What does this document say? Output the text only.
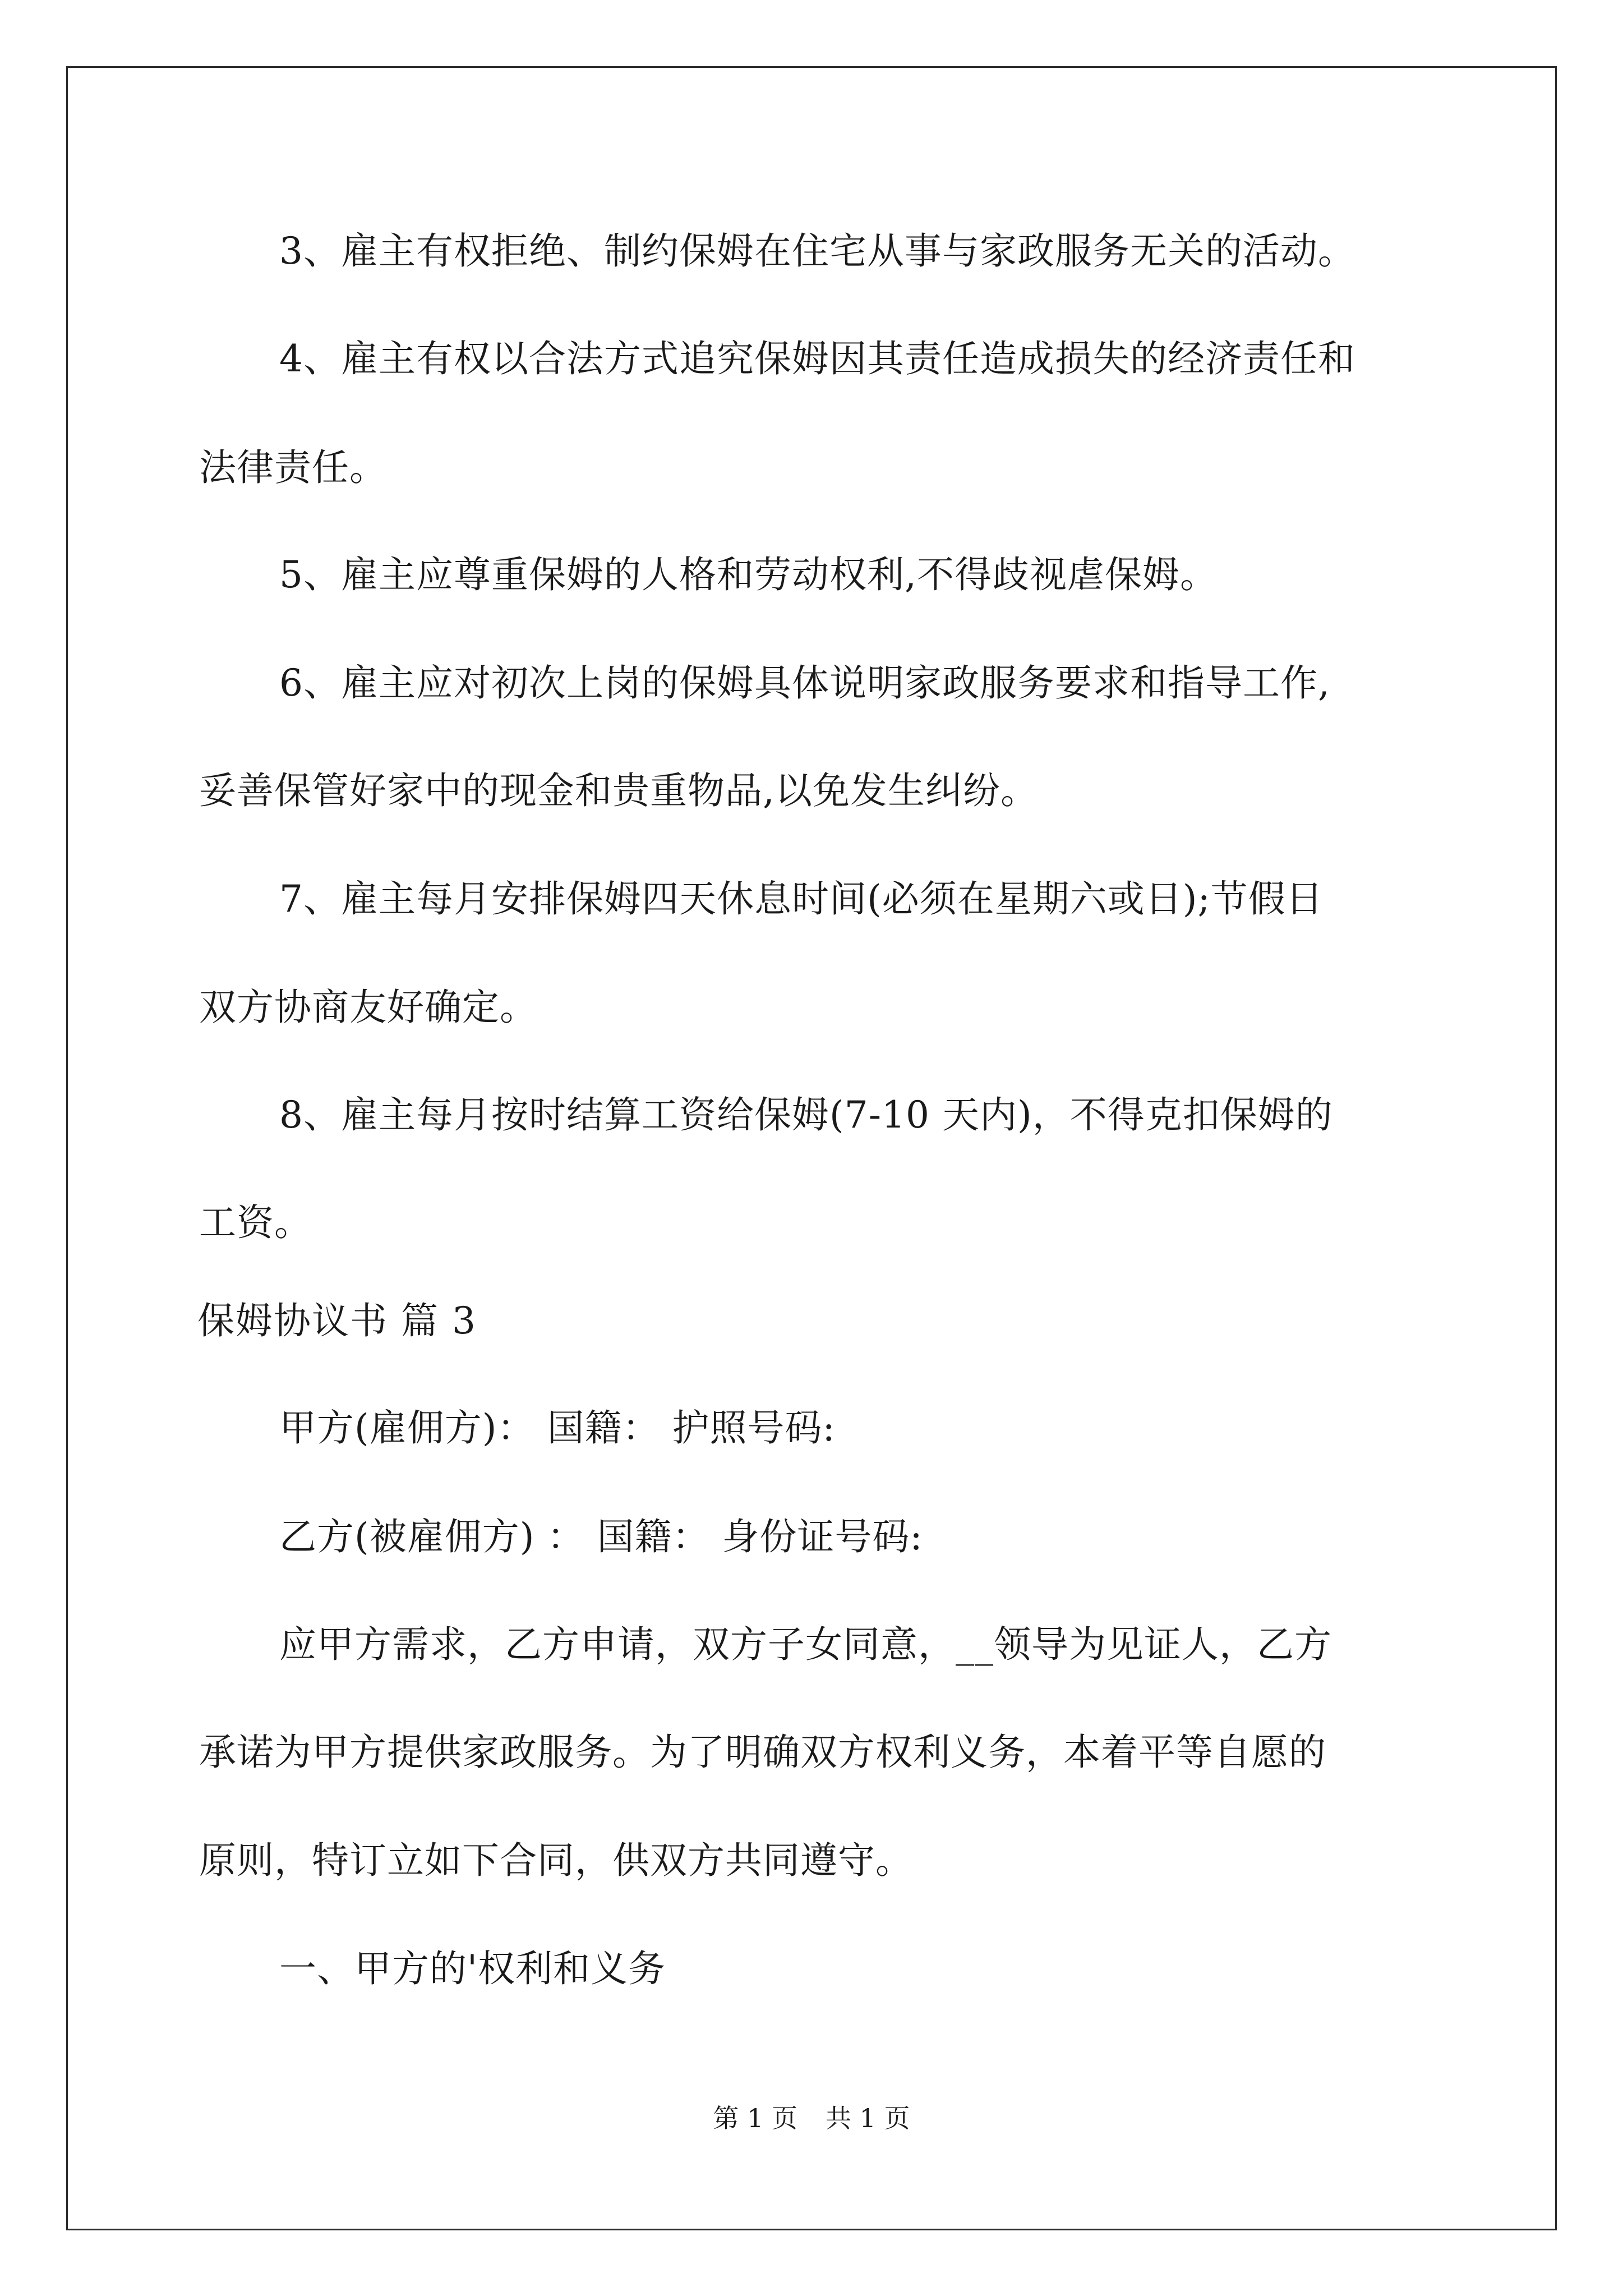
3、雇主有权拒绝、制约保姆在住宅从事与家政服务无关的活动。
4、雇主有权以合法方式追究保姆因其责任造成损失的经济责任和
法律责任。
5、雇主应尊重保姆的人格和劳动权利,不得歧视虐保姆。
6、雇主应对初次上岗的保姆具体说明家政服务要求和指导工作,
妥善保管好家中的现金和贵重物品,以免发生纠纷。
7、雇主每月安排保姆四天休息时间(必须在星期六或日);节假日
双方协商友好确定。
8、雇主每月按时结算工资给保姆(7-10 天内)，不得克扣保姆的
工资。
保姆协议书 篇 3
甲方(雇佣方)： 国籍： 护照号码:
乙方(被雇佣方) ： 国籍： 身份证号码:
应甲方需求，乙方申请，双方子女同意，__领导为见证人，乙方
承诺为甲方提供家政服务。为了明确双方权利义务，本着平等自愿的
原则，特订立如下合同，供双方共同遵守。
一、甲方的'权利和义务
第 1 页 共 1 页
